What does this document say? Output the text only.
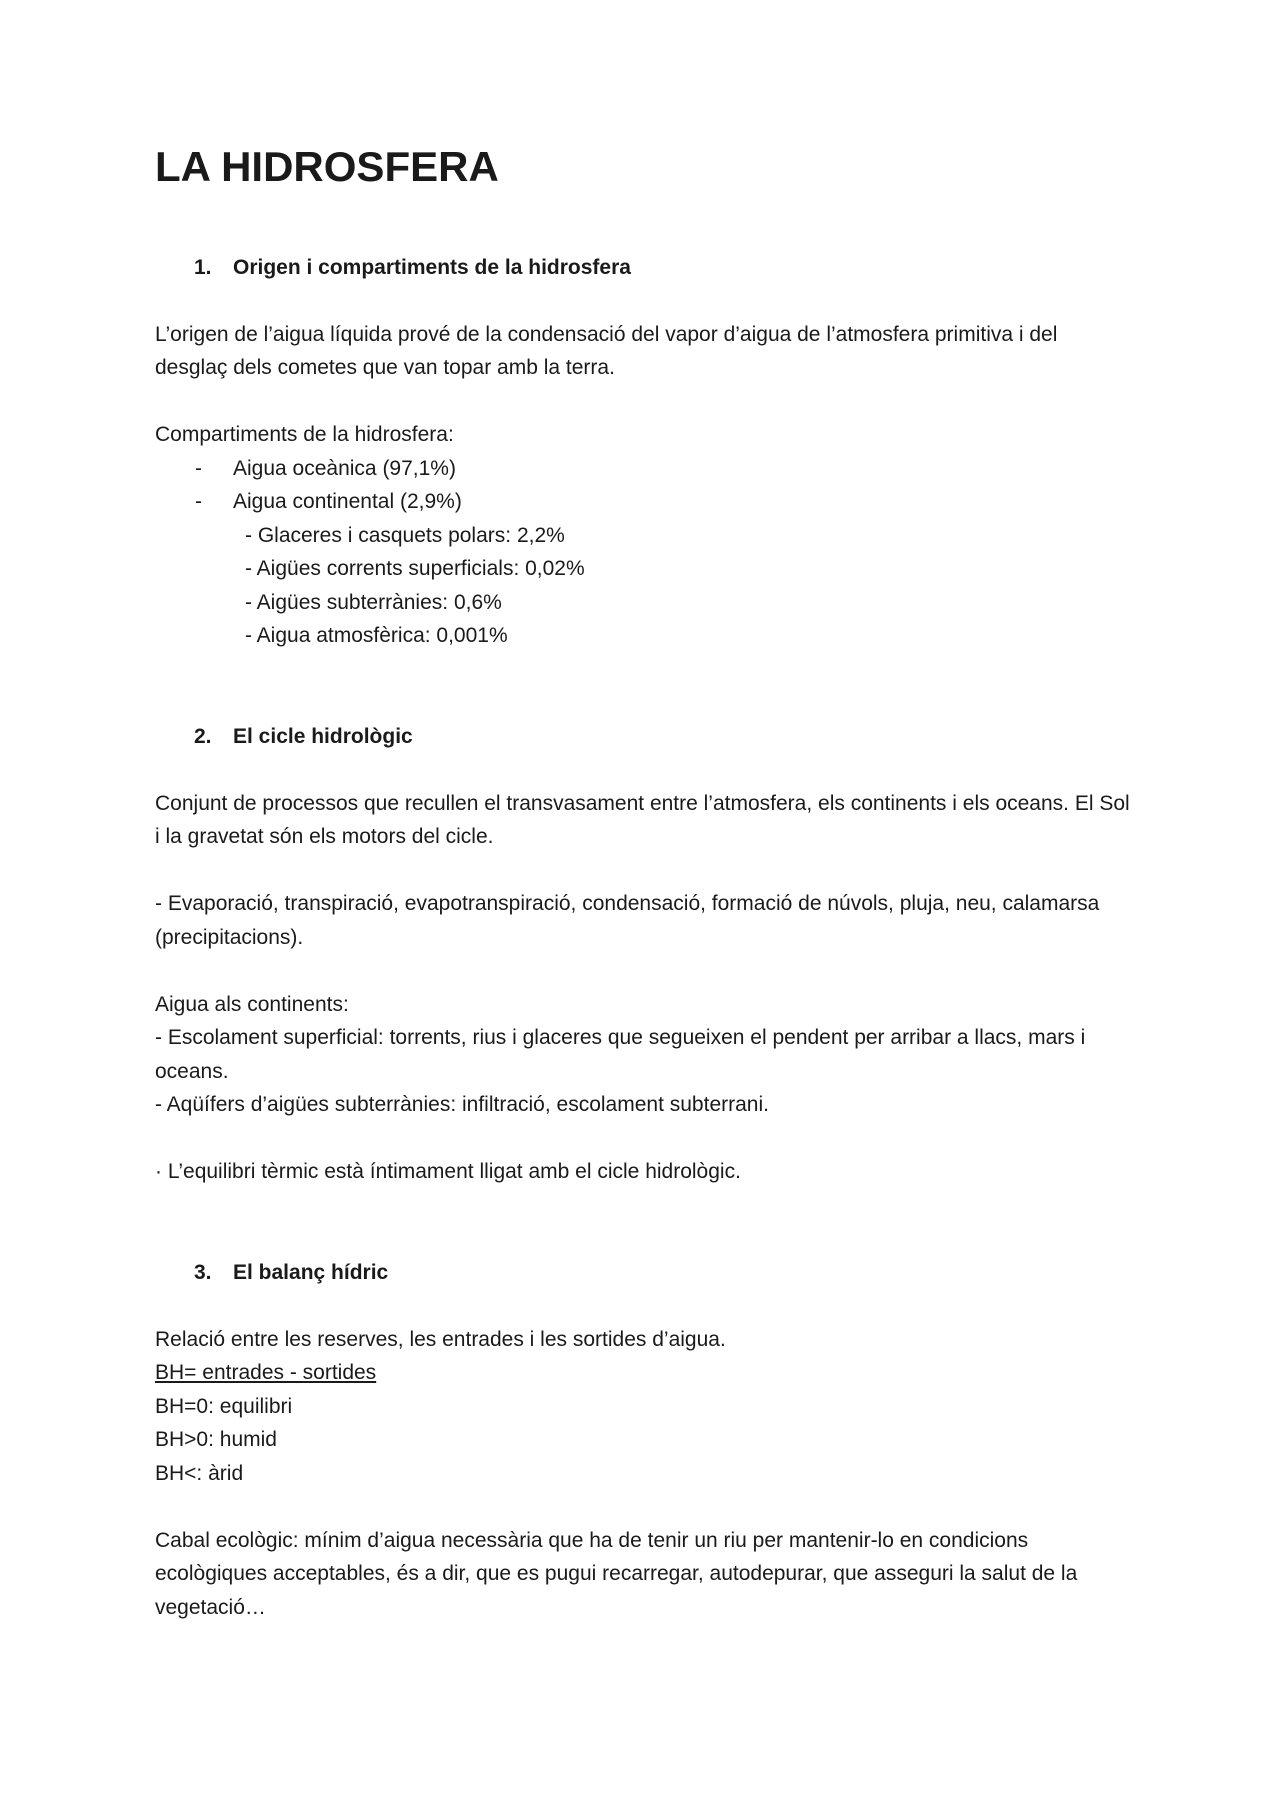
LA HIDROSFERA
1.	Origen i compartiments de la hidrosfera

L’origen de l’aigua líquida prové de la condensació del vapor d’aigua de l’atmosfera primitiva i del desglaç dels cometes que van topar amb la terra.

Compartiments de la hidrosfera:

-	Aigua oceànica (97,1%)
-	Aigua continental (2,9%)
- Glaceres i casquets polars: 2,2%
- Aigües corrents superficials: 0,02%
- Aigües subterrànies: 0,6%
- Aigua atmosfèrica: 0,001%
2.	El cicle hidrològic

Conjunt de processos que recullen el transvasament entre l’atmosfera, els continents i els oceans. El Sol i la gravetat són els motors del cicle.

- Evaporació, transpiració, evapotranspiració, condensació, formació de núvols, pluja, neu, calamarsa (precipitacions).

Aigua als continents:

- Escolament superficial: torrents, rius i glaceres que segueixen el pendent per arribar a llacs, mars i oceans.

- Aqüífers d’aigües subterrànies: infiltració, escolament subterrani.

· L’equilibri tèrmic està íntimament lligat amb el cicle hidrològic.

3.	El balanç hídric

Relació entre les reserves, les entrades i les sortides d’aigua.

BH= entrades - sortides

BH=0: equilibri

BH>0: humid

BH<: àrid

Cabal ecològic: mínim d’aigua necessària que ha de tenir un riu per mantenir-lo en condicions ecològiques acceptables, és a dir, que es pugui recarregar, autodepurar, que asseguri la salut de la vegetació…
